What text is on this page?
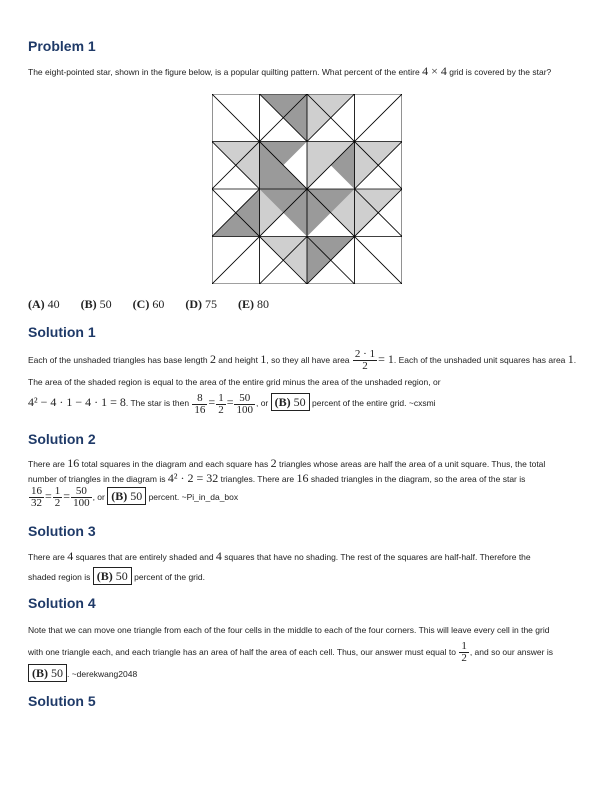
Problem 1
The eight-pointed star, shown in the figure below, is a popular quilting pattern. What percent of the entire 4 × 4 grid is covered by the star?
(A) 40 (B) 50 (C) 60 (D) 75 (E) 80
Solution 1
Each of the unshaded triangles has base length 2 and height 1, so they all have area $\frac{2 \cdot 1}{2} = 1$. Each of the unshaded unit squares has area 1. The area of the shaded region is equal to the area of the entire grid minus the area of the unshaded region, or
4² − 4 · 1 − 4 · 1 = 8. The star is then $\frac{8}{16} = \frac{1}{2} = \frac{50}{100}$ , or (B) 50 percent of the entire grid. ~cxsmi
Solution 2
There are 16 total squares in the diagram and each square has 2 triangles whose areas are half the area of a unit square. Thus, the total
number of triangles in the diagram is 4² · 2 = 32 triangles. There are 16 shaded triangles in the diagram, so the area of the star is

$\frac{16}{32} = \frac{1}{2} = \frac{50}{100}$ , or (B) 50 percent. ~Pi_in_da_box
Solution 3
There are 4 squares that are entirely shaded and 4 squares that have no shading. The rest of the squares are half-half. Therefore the
shaded region is (B) 50 percent of the grid.
Solution 4
Note that we can move one triangle from each of the four cells in the middle to each of the four corners. This will leave every cell in the grid
with one triangle each, and each triangle has an area of half the area of each cell. Thus, our answer must equal to $\frac{1}{2}$ , and so our answer is
(B) 50 . ~derekwang2048
Solution 5
